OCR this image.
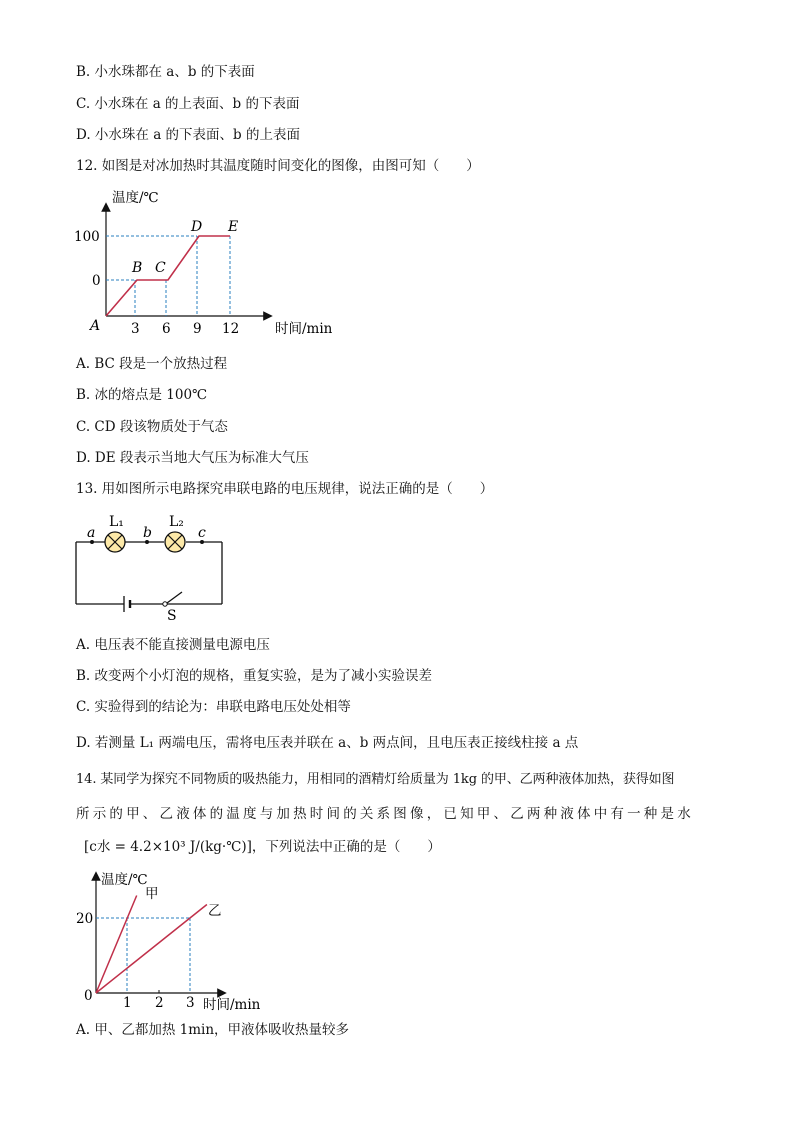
B. 小水珠都在 a、b 的下表面
C. 小水珠在 a 的上表面、b 的下表面
D. 小水珠在 a 的下表面、b 的上表面
12. 如图是对冰加热时其温度随时间变化的图像，由图可知（　　）
温度/℃
时间/min
100
0
3 6 9 12
A
B C
D E
A. BC 段是一个放热过程
B. 冰的熔点是 100℃
C. CD 段该物质处于气态
D. DE 段表示当地大气压为标准大气压
13. 用如图所示电路探究串联电路的电压规律，说法正确的是（　　）
a	b	c
L₁	L₂
S
A. 电压表不能直接测量电源电压
B. 改变两个小灯泡的规格，重复实验，是为了减小实验误差
C. 实验得到的结论为：串联电路电压处处相等
D. 若测量 L₁ 两端电压，需将电压表并联在 a、b 两点间，且电压表正接线柱接 a 点
14. 某同学为探究不同物质的吸热能力，用相同的酒精灯给质量为 1kg 的甲、乙两种液体加热，获得如图
所示的甲、乙液体的温度与加热时间的关系图像，已知甲、乙两种液体中有一种是水
[c水 = 4.2×10³ J/(kg·℃)]，下列说法中正确的是（　　）
温度/℃
时间/min
20
0 1 2 3
甲
乙
A. 甲、乙都加热 1min，甲液体吸收热量较多
